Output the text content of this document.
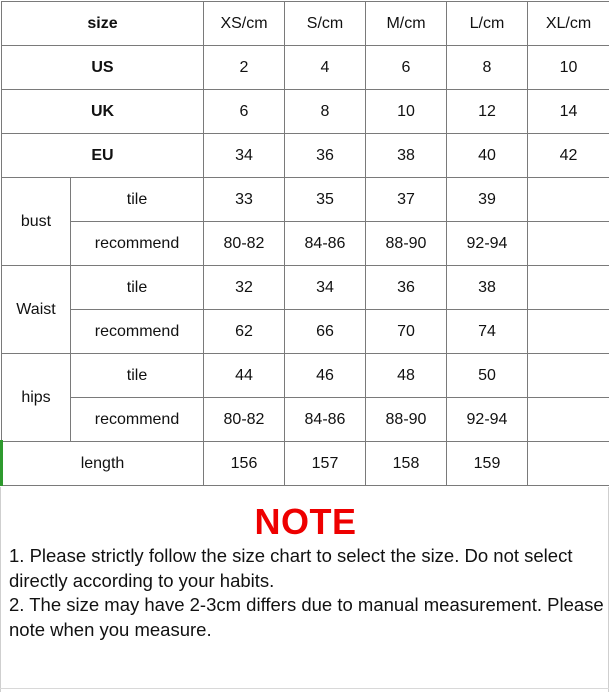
size		XS/cm	S/cm	M/cm	L/cm	XL/cm
US		2	4	6	8	10
UK		6	8	10	12	14
EU		34	36	38	40	42
bust	tile	33	35	37	39	
	recommend	80-82	84-86	88-90	92-94	
Waist	tile	32	34	36	38	
	recommend	62	66	70	74	
hips	tile	44	46	48	50	
	recommend	80-82	84-86	88-90	92-94	
length		156	157	158	159	
NOTE

1. Please strictly follow the size chart to select the size. Do not select directly according to your habits.

2. The size may have 2-3cm differs due to manual measurement. Please note when you measure.
